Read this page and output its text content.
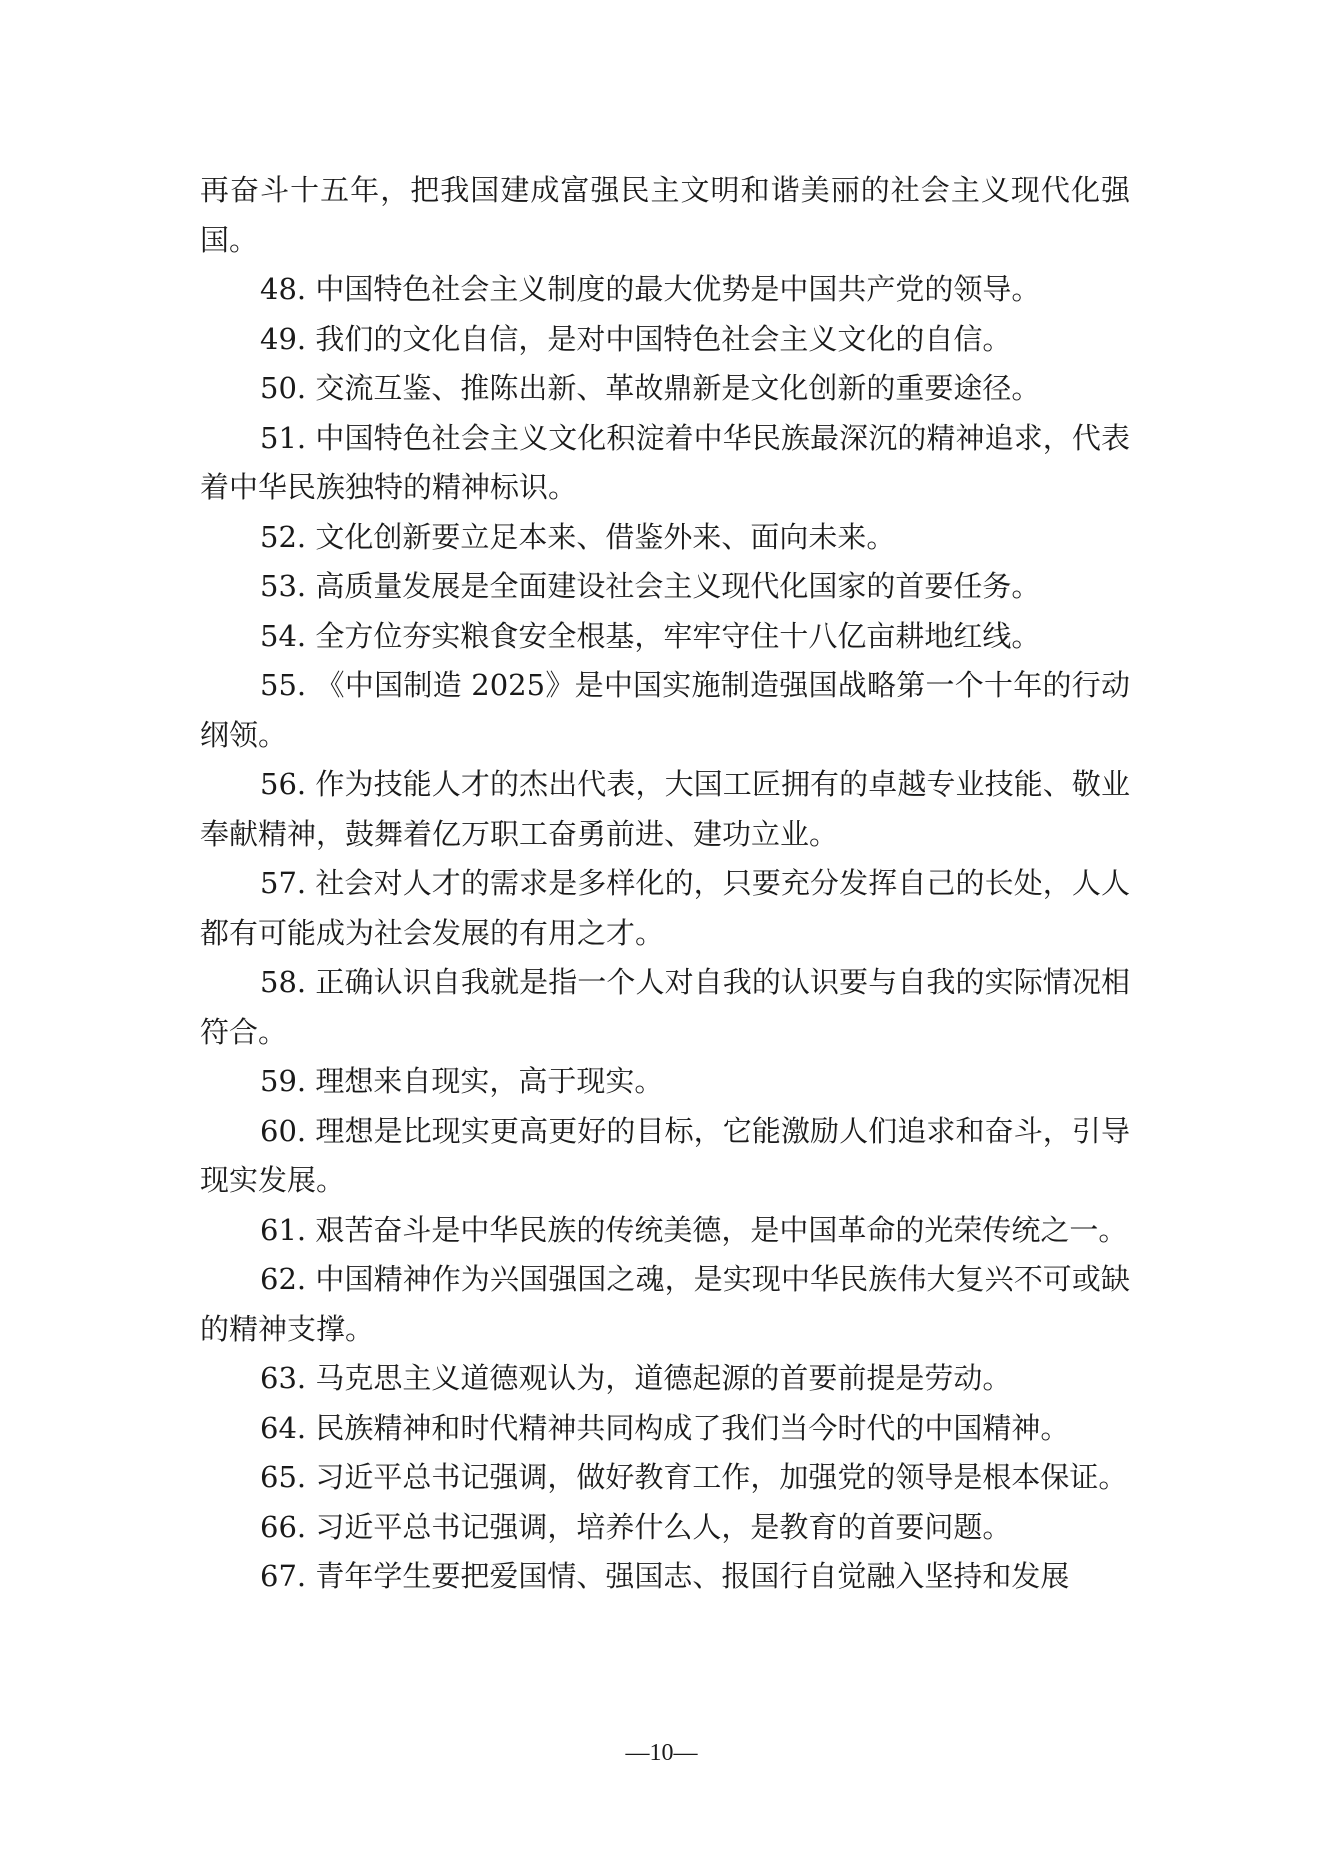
再奋斗十五年，把我国建成富强民主文明和谐美丽的社会主义现代化强国。

48. 中国特色社会主义制度的最大优势是中国共产党的领导。

49. 我们的文化自信，是对中国特色社会主义文化的自信。

50. 交流互鉴、推陈出新、革故鼎新是文化创新的重要途径。

51. 中国特色社会主义文化积淀着中华民族最深沉的精神追求，代表着中华民族独特的精神标识。

52. 文化创新要立足本来、借鉴外来、面向未来。

53. 高质量发展是全面建设社会主义现代化国家的首要任务。

54. 全方位夯实粮食安全根基，牢牢守住十八亿亩耕地红线。

55. 《中国制造 2025》是中国实施制造强国战略第一个十年的行动纲领。

56. 作为技能人才的杰出代表，大国工匠拥有的卓越专业技能、敬业奉献精神，鼓舞着亿万职工奋勇前进、建功立业。

57. 社会对人才的需求是多样化的，只要充分发挥自己的长处，人人都有可能成为社会发展的有用之才。

58. 正确认识自我就是指一个人对自我的认识要与自我的实际情况相符合。

59. 理想来自现实，高于现实。

60. 理想是比现实更高更好的目标，它能激励人们追求和奋斗，引导现实发展。

61. 艰苦奋斗是中华民族的传统美德，是中国革命的光荣传统之一。

62. 中国精神作为兴国强国之魂，是实现中华民族伟大复兴不可或缺的精神支撑。

63. 马克思主义道德观认为，道德起源的首要前提是劳动。

64. 民族精神和时代精神共同构成了我们当今时代的中国精神。

65. 习近平总书记强调，做好教育工作，加强党的领导是根本保证。

66. 习近平总书记强调，培养什么人，是教育的首要问题。

67. 青年学生要把爱国情、强国志、报国行自觉融入坚持和发展

—10—
